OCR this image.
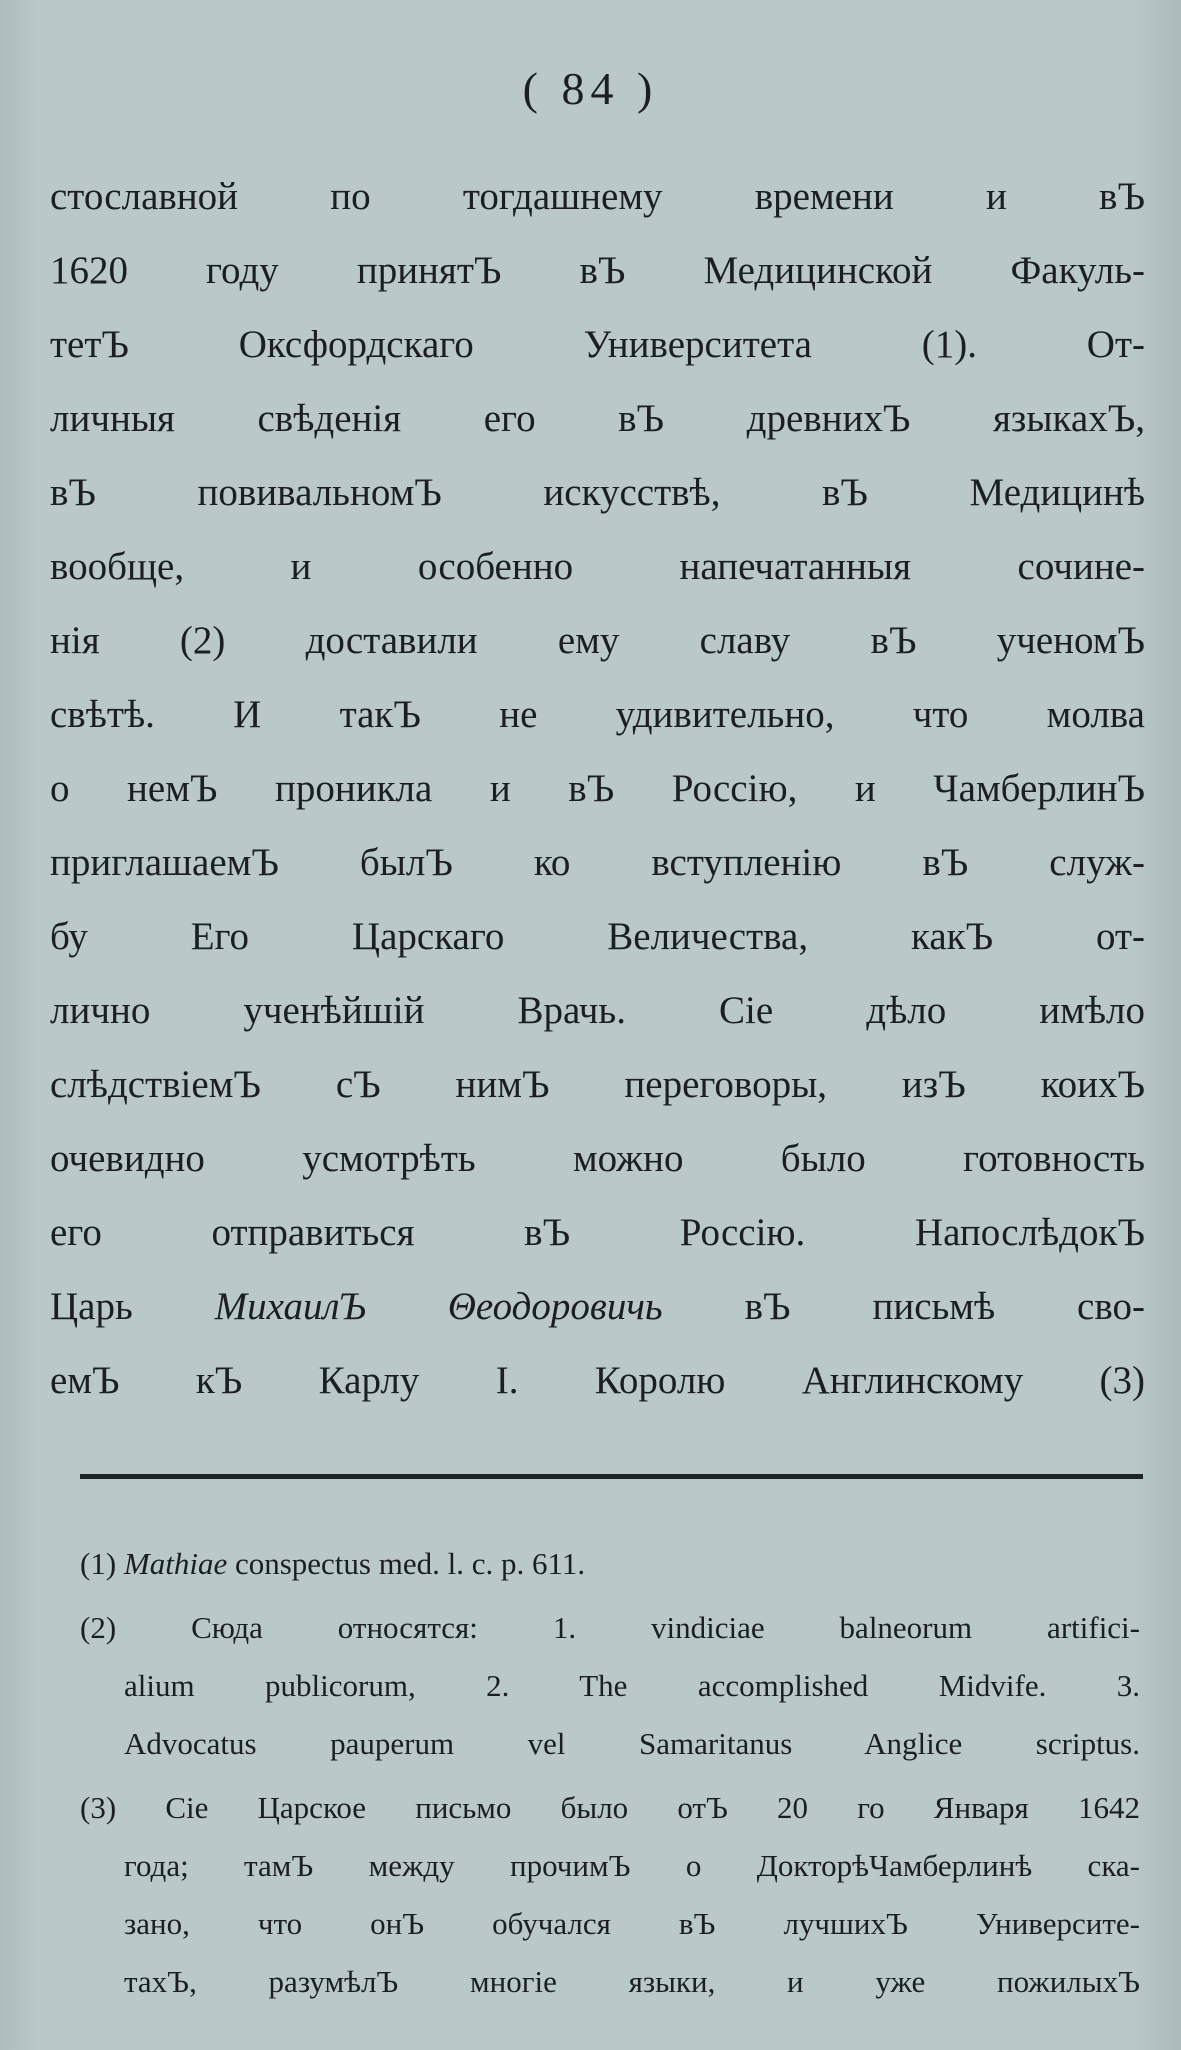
( 84 )
стославной по тогдашнему времени и вЪ
1620 году принятЪ вЪ Медицинской Факуль-
тетЪ Оксфордскаго Университета (1). От-
личныя свѣденія его вЪ древнихЪ языкахЪ,
вЪ повивальномЪ искусствѣ, вЪ Медицинѣ
вообще, и особенно напечатанныя сочине-
нія (2) доставили ему славу вЪ ученомЪ
свѣтѣ. И такЪ не удивительно, что молва
о немЪ проникла и вЪ Россію, и ЧамберлинЪ
приглашаемЪ былЪ ко вступленію вЪ служ-
бу Его Царскаго Величества, какЪ от-
лично ученѣйшій Врачь. Сіе дѣло имѣло
слѣдствіемЪ сЪ нимЪ переговоры, изЪ коихЪ
очевидно усмотрѣть можно было готовность
его отправиться вЪ Россію. НапослѣдокЪ
Царь МихаилЪ Θеодоровичь вЪ письмѣ сво-
емЪ кЪ Карлу I. Королю Англинскому (3)
(1) Mathiae conspectus med. l. c. p. 611.
(2) Сюда относятся: 1. vindiciae balneorum artifici-
alium publicorum, 2. The accomplished Midvife. 3.
Advocatus pauperum vel Samaritanus Anglice scriptus.
(3) Сіе Царское письмо было отЪ 20 го Января 1642
года; тамЪ между прочимЪ о ДокторѣЧамберлинѣ ска-
зано, что онЪ обучался вЪ лучшихЪ Университе-
тахЪ, разумѣлЪ многіе языки, и уже пожилыхЪ
